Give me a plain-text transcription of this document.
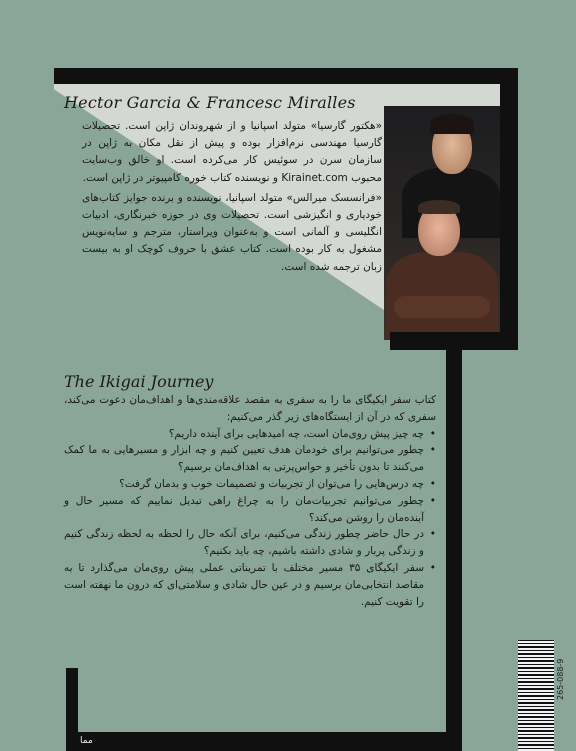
Hector Garcia & Francesc Miralles

«هکتور گارسیا» متولد اسپانیا و از شهروندان ژاپن است. تحصیلات گارسیا مهندسی نرم‌افزار بوده و پیش از نقل مکان به ژاپن در سازمان سرن در سوئیس کار می‌کرده است. او خالق وب‌سایت محبوب Kirainet.com و نویسنده کتاب خوره کامپیوتر در ژاپن است.

«فرانسسک میرالس» متولد اسپانیا، نویسنده و برنده جوایز کتاب‌های خودیاری و انگیزشی است. تحصیلات وی در حوزه خبرنگاری، ادبیات انگلیسی و آلمانی است و به‌عنوان ویراستار، مترجم و سایه‌نویس مشغول به کار بوده است. کتاب عشق با حروف کوچک او به بیست زبان ترجمه شده است.

The Ikigai Journey

کتاب سفر ایکیگای ما را به سفری به مقصد علاقه‌مندی‌ها و اهداف‌مان دعوت می‌کند، سفری که در آن از ایستگاه‌های زیر گذر می‌کنیم:

•
چه چیز پیش روی‌مان است، چه امیدهایی برای آینده داریم؟

•
چطور می‌توانیم برای خودمان هدف تعیین کنیم و چه ابزار و مسیرهایی به ما کمک می‌کنند تا بدون تأخیر و حواس‌پرتی به اهداف‌مان برسیم؟

•
چه درس‌هایی را می‌توان از تجربیات و تصمیمات خوب و بدمان گرفت؟

•
چطور می‌توانیم تجربیات‌مان را به چراغ راهی تبدیل نماییم که مسیر حال و آینده‌مان را روشن می‌کند؟

•
در حال حاضر چطور زندگی می‌کنیم، برای آنکه حال را لحظه به لحظه زندگی کنیم و زندگی پربار و شادی داشته باشیم، چه باید بکنیم؟

•
سفر ایکیگای ۳۵ مسیر مختلف با تمریناتی عملی پیش روی‌مان می‌گذارد تا به مقاصد انتخابی‌مان برسیم و در عین حال شادی و سلامتی‌ای که درون ما نهفته است را تقویت کنیم.

ﻣﻤﺎ
265-088-9
